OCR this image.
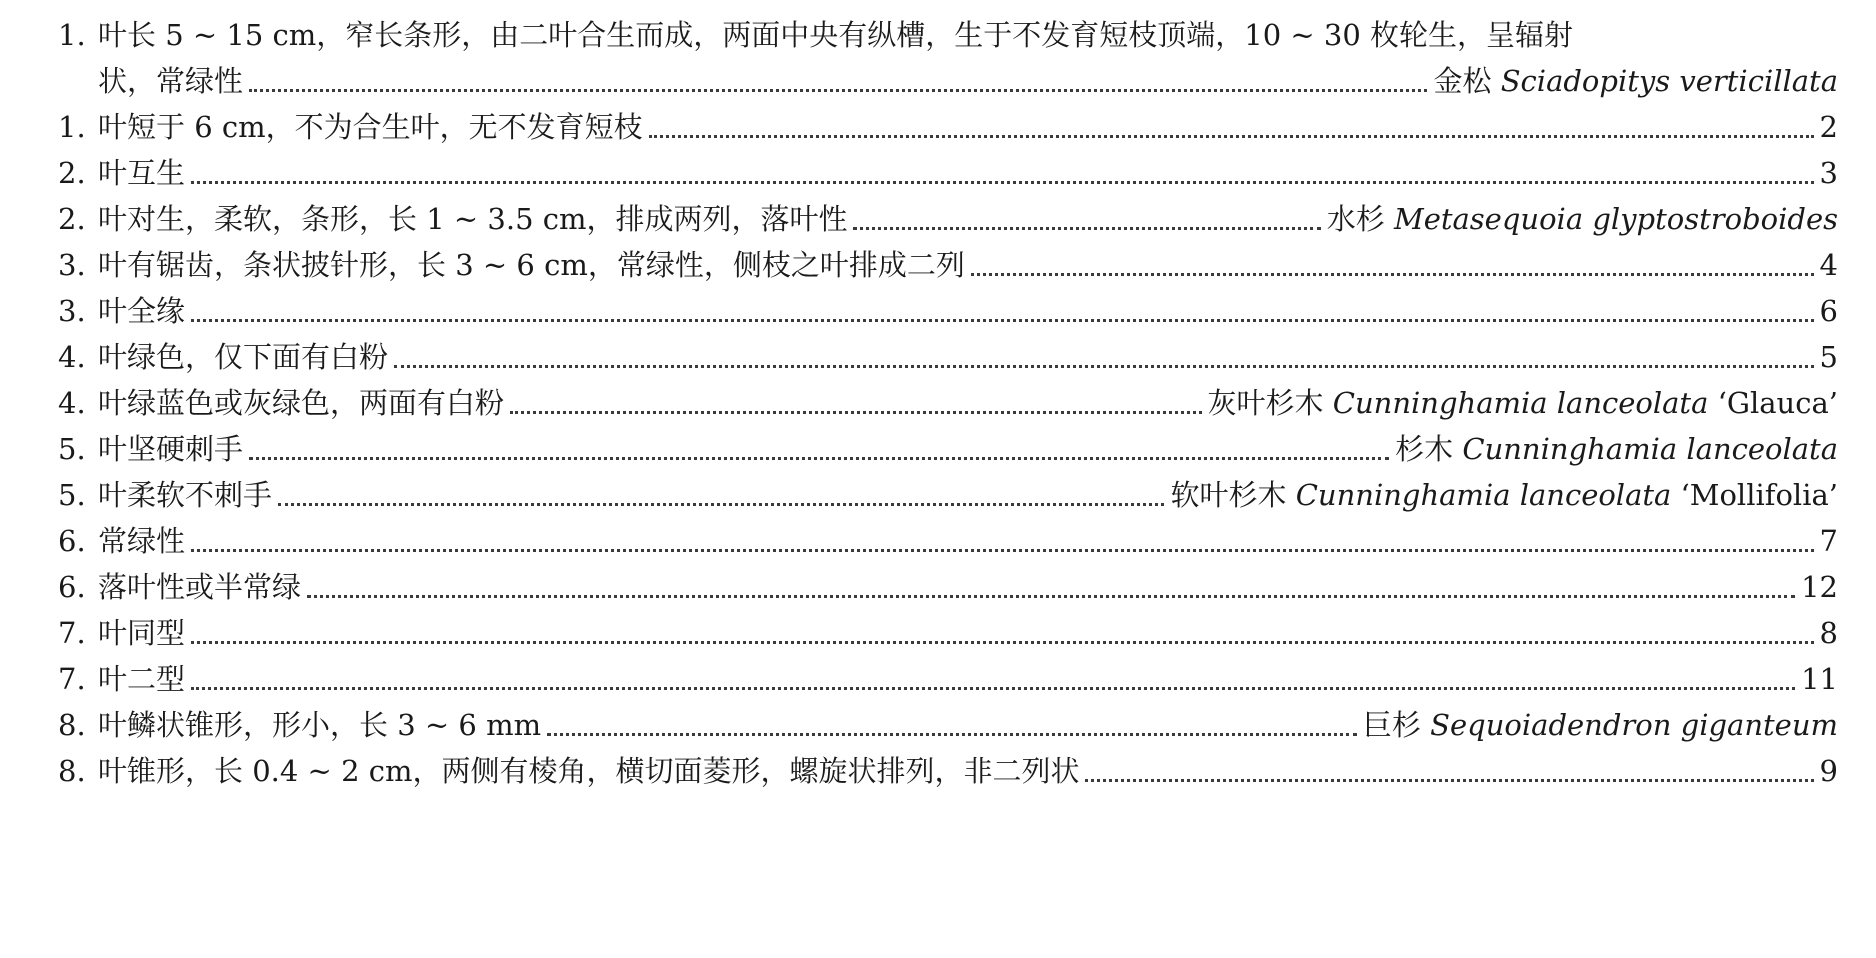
1. 叶长 5 ~ 15 cm，窄长条形，由二叶合生而成，两面中央有纵槽，生于不发育短枝顶端，10 ~ 30 枚轮生，呈辐射
状，常绿性	金松 Sciadopitys verticillata
1. 叶短于 6 cm，不为合生叶，无不发育短枝	2
2. 叶互生	3
2. 叶对生，柔软，条形，长 1 ~ 3.5 cm，排成两列，落叶性	水杉 Metasequoia glyptostroboides
3. 叶有锯齿，条状披针形，长 3 ~ 6 cm，常绿性，侧枝之叶排成二列	4
3. 叶全缘	6
4. 叶绿色，仅下面有白粉	5
4. 叶绿蓝色或灰绿色，两面有白粉	灰叶杉木 Cunninghamia lanceolata ‘Glauca’
5. 叶坚硬刺手	杉木 Cunninghamia lanceolata
5. 叶柔软不刺手	软叶杉木 Cunninghamia lanceolata ‘Mollifolia’
6. 常绿性	7
6. 落叶性或半常绿	12
7. 叶同型	8
7. 叶二型	11
8. 叶鳞状锥形，形小，长 3 ~ 6 mm	巨杉 Sequoiadendron giganteum
8. 叶锥形，长 0.4 ~ 2 cm，两侧有棱角，横切面菱形，螺旋状排列，非二列状	9
